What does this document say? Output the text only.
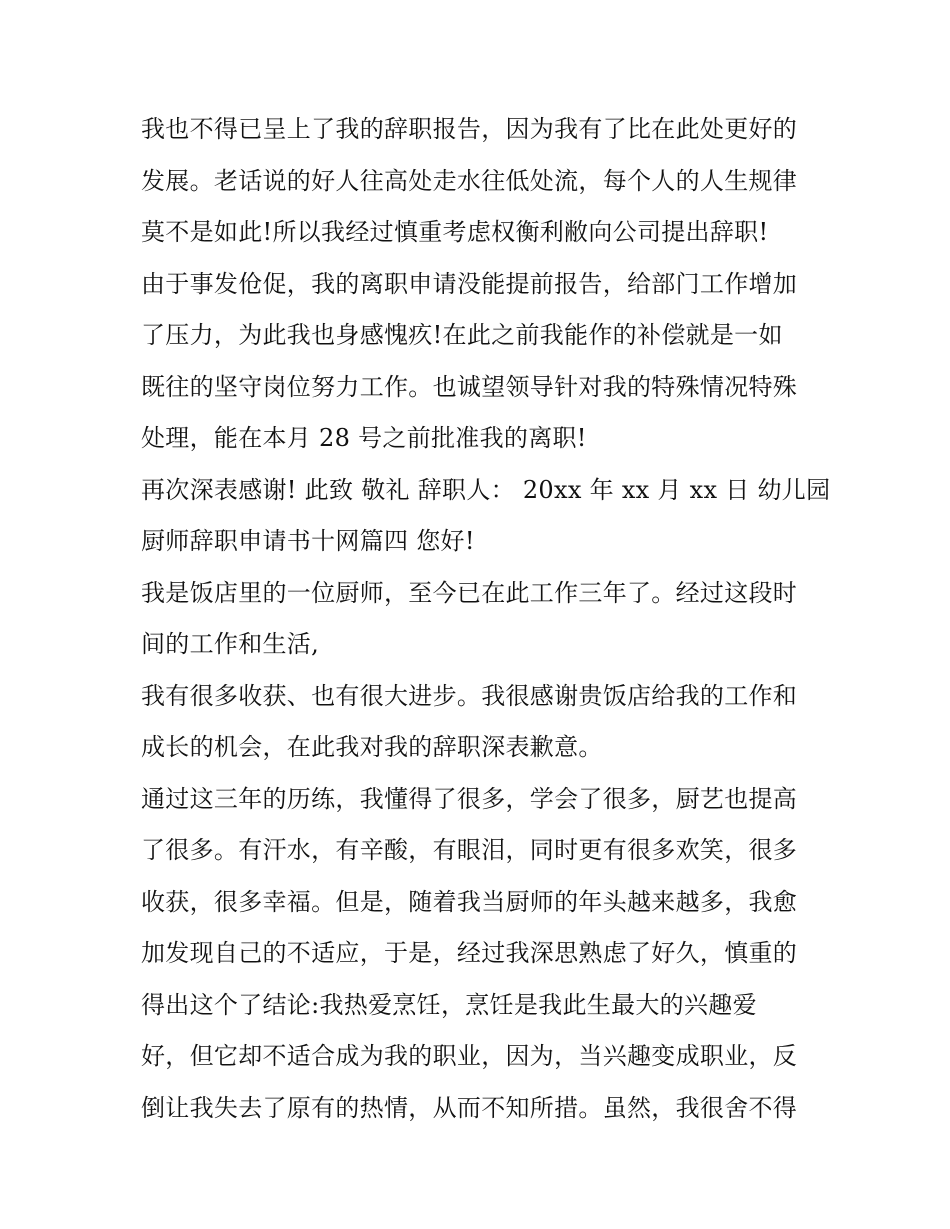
我也不得已呈上了我的辞职报告，因为我有了比在此处更好的
发展。老话说的好人往高处走水往低处流，每个人的人生规律
莫不是如此!所以我经过慎重考虑权衡利敝向公司提出辞职!
由于事发伧促，我的离职申请没能提前报告，给部门工作增加
了压力，为此我也身感愧疚!在此之前我能作的补偿就是一如
既往的坚守岗位努力工作。也诚望领导针对我的特殊情况特殊
处理，能在本月 28 号之前批准我的离职!
再次深表感谢! 此致 敬礼 辞职人： 20xx 年 xx 月 xx 日 幼儿园
厨师辞职申请书十网篇四 您好!
我是饭店里的一位厨师，至今已在此工作三年了。经过这段时
间的工作和生活,
我有很多收获、也有很大进步。我很感谢贵饭店给我的工作和
成长的机会，在此我对我的辞职深表歉意。
通过这三年的历练，我懂得了很多，学会了很多，厨艺也提高
了很多。有汗水，有辛酸，有眼泪，同时更有很多欢笑，很多
收获，很多幸福。但是，随着我当厨师的年头越来越多，我愈
加发现自己的不适应，于是，经过我深思熟虑了好久，慎重的
得出这个了结论:我热爱烹饪，烹饪是我此生最大的兴趣爱
好，但它却不适合成为我的职业，因为，当兴趣变成职业，反
倒让我失去了原有的热情，从而不知所措。虽然，我很舍不得
